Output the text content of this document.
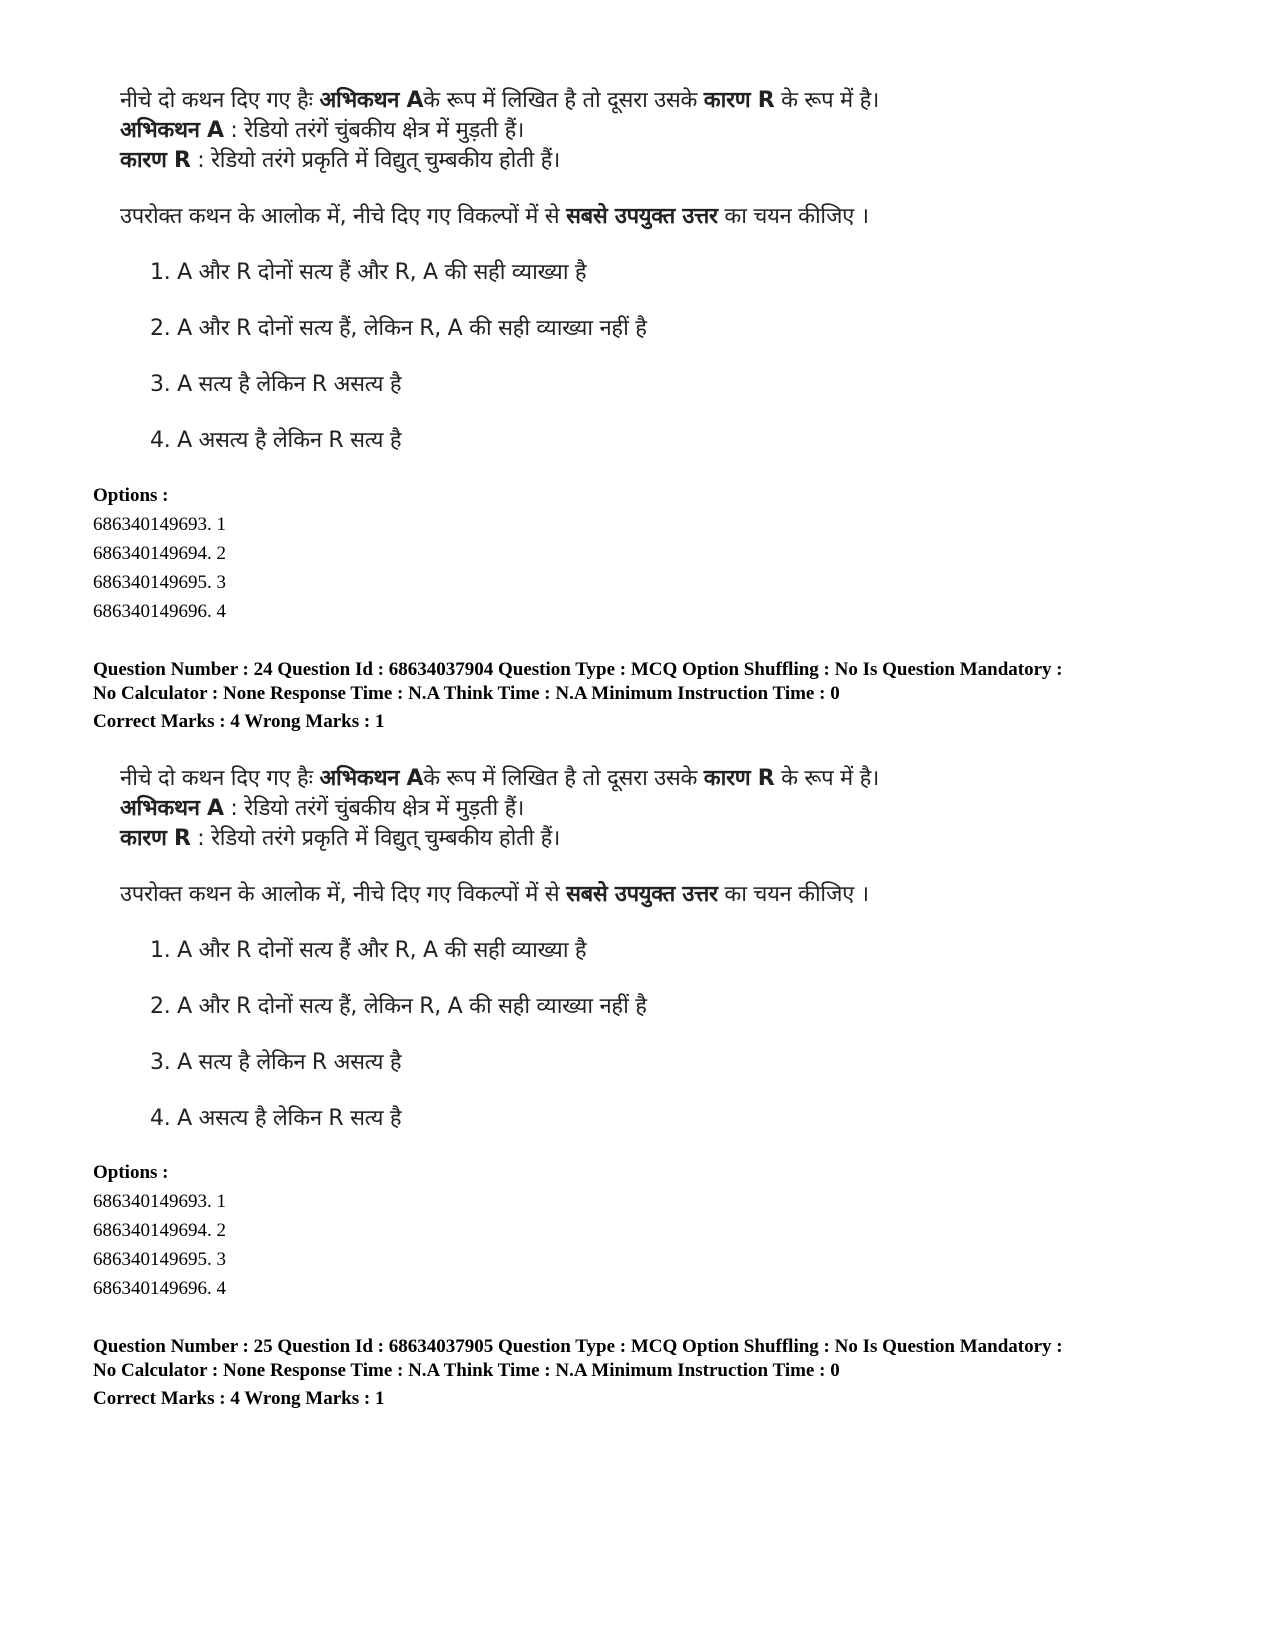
नीचे दो कथन दिए गए हैः अभिकथन Aके रूप में लिखित है तो दूसरा उसके कारण R के रूप में है।
अभिकथन A : रेडियो तरंगें चुंबकीय क्षेत्र में मुड़ती हैं।
कारण R : रेडियो तरंगे प्रकृति में विद्युत् चुम्बकीय होती हैं।
उपरोक्त कथन के आलोक में, नीचे दिए गए विकल्पों में से सबसे उपयुक्त उत्तर का चयन कीजिए ।
1. A और R दोनों सत्य हैं और R, A की सही व्याख्या है
2. A और R दोनों सत्य हैं, लेकिन R, A की सही व्याख्या नहीं है
3. A सत्य है लेकिन R असत्य है
4. A असत्य है लेकिन R सत्य है
Options :
686340149693. 1
686340149694. 2
686340149695. 3
686340149696. 4
Question Number : 24 Question Id : 68634037904 Question Type : MCQ Option Shuffling : No Is Question Mandatory :
No Calculator : None Response Time : N.A Think Time : N.A Minimum Instruction Time : 0
Correct Marks : 4 Wrong Marks : 1
नीचे दो कथन दिए गए हैः अभिकथन Aके रूप में लिखित है तो दूसरा उसके कारण R के रूप में है।
अभिकथन A : रेडियो तरंगें चुंबकीय क्षेत्र में मुड़ती हैं।
कारण R : रेडियो तरंगे प्रकृति में विद्युत् चुम्बकीय होती हैं।
उपरोक्त कथन के आलोक में, नीचे दिए गए विकल्पों में से सबसे उपयुक्त उत्तर का चयन कीजिए ।
1. A और R दोनों सत्य हैं और R, A की सही व्याख्या है
2. A और R दोनों सत्य हैं, लेकिन R, A की सही व्याख्या नहीं है
3. A सत्य है लेकिन R असत्य है
4. A असत्य है लेकिन R सत्य है
Options :
686340149693. 1
686340149694. 2
686340149695. 3
686340149696. 4
Question Number : 25 Question Id : 68634037905 Question Type : MCQ Option Shuffling : No Is Question Mandatory :
No Calculator : None Response Time : N.A Think Time : N.A Minimum Instruction Time : 0
Correct Marks : 4 Wrong Marks : 1
